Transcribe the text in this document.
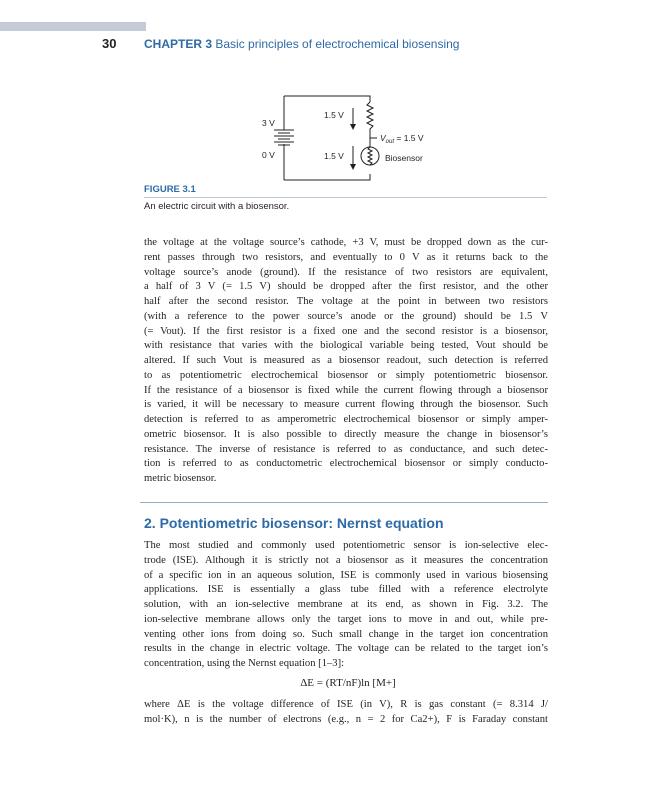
30 CHAPTER 3 Basic principles of electrochemical biosensing
3 V
0 V
1.5 V
1.5 V
$V_{out} = 1.5$ V
Biosensor
FIGURE 3.1
An electric circuit with a biosensor.

the voltage at the voltage source’s cathode, +3 V, must be dropped down as the cur-
rent passes through two resistors, and eventually to 0 V as it returns back to the
voltage source’s anode (ground). If the resistance of two resistors are equivalent,
a half of 3 V (= 1.5 V) should be dropped after the first resistor, and the other
half after the second resistor. The voltage at the point in between two resistors
(with a reference to the power source’s anode or the ground) should be 1.5 V
(= Vout). If the first resistor is a fixed one and the second resistor is a biosensor,
with resistance that varies with the biological variable being tested, Vout should be
altered. If such Vout is measured as a biosensor readout, such detection is referred
to as potentiometric electrochemical biosensor or simply potentiometric biosensor.
If the resistance of a biosensor is fixed while the current flowing through a biosensor
is varied, it will be necessary to measure current flowing through the biosensor. Such
detection is referred to as amperometric electrochemical biosensor or simply amper-
ometric biosensor. It is also possible to directly measure the change in biosensor’s
resistance. The inverse of resistance is referred to as conductance, and such detec-
tion is referred to as conductometric electrochemical biosensor or simply conducto-
metric biosensor.

2. Potentiometric biosensor: Nernst equation

The most studied and commonly used potentiometric sensor is ion-selective elec-
trode (ISE). Although it is strictly not a biosensor as it measures the concentration
of a specific ion in an aqueous solution, ISE is commonly used in various biosensing
applications. ISE is essentially a glass tube filled with a reference electrolyte
solution, with an ion-selective membrane at its end, as shown in Fig. 3.2. The
ion-selective membrane allows only the target ions to move in and out, while pre-
venting other ions from doing so. Such small change in the target ion concentration
results in the change in electric voltage. The voltage can be related to the target ion’s
concentration, using the Nernst equation [1–3]:

ΔE = (RT/nF)ln [M+]

where ΔE is the voltage difference of ISE (in V), R is gas constant (= 8.314 J/
mol·K), n is the number of electrons (e.g., n = 2 for Ca2+), F is Faraday constant
